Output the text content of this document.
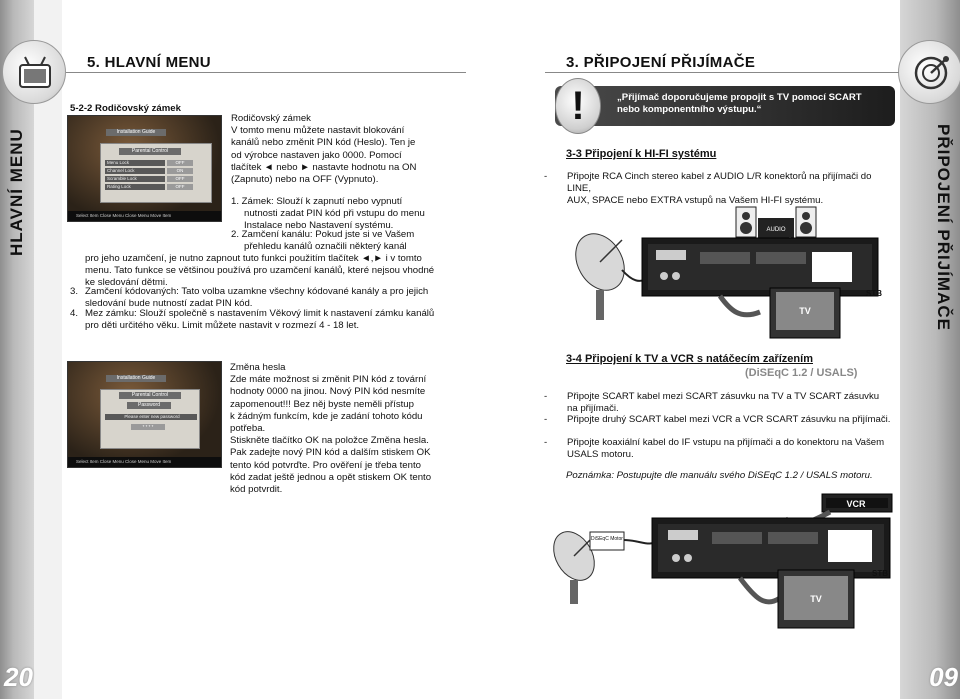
HLAVNÍ MENU
20
5. HLAVNÍ MENU
5-2-2 Rodičovský zámek
Installation Guide
Parental Control
Menu Lock	OFF
Channel Lock	ON
Scramble Lock	OFF
Rating Lock	OFF
Select Item Close Menu Close Menu Move Item
Rodičovský zámek
V tomto menu můžete nastavit blokování
kanálů nebo změnit PIN kód (Heslo). Ten je
od výrobce nastaven jako 0000. Pomocí
tlačítek ◄ nebo ► nastavte hodnotu na ON
(Zapnuto) nebo na OFF (Vypnuto).
1. Zámek: Slouží k zapnutí nebo vypnutí
nutnosti zadat PIN kód při vstupu do menu
Instalace nebo Nastavení systému.
2. Zamčení kanálu: Pokud jste si ve Vašem
přehledu kanálů označili některý kanál
pro jeho uzamčení, je nutno zapnout tuto funkci použitím tlačítek ◄,► i v tomto
menu. Tato funkce se většinou používá pro uzamčení kanálů, které nejsou vhodné
ke sledování dětmi.
3. Zamčení kódovaných: Tato volba uzamkne všechny kódované kanály a pro jejich
sledování bude nutností zadat PIN kód.
4. Mez zámku: Slouží společně s nastavením Věkový limit k nastavení zámku kanálů
pro děti určitého věku. Limit můžete nastavit v rozmezí 4 - 18 let.
Installation Guide
Parental Control
Password
Please enter new password
* * * *
Select Item Close Menu Close Menu Move Item
Změna hesla
Zde máte možnost si změnit PIN kód z tovární
hodnoty 0000 na jinou. Nový PIN kód nesmíte
zapomenout!!! Bez něj byste neměli přístup
k žádným funkcím, kde je zadání tohoto kódu
potřeba.
Stiskněte tlačítko OK na položce Změna hesla.
Pak zadejte nový PIN kód a dalším stiskem OK
tento kód potvrďte. Pro ověření je třeba tento
kód zadat ještě jednou a opět stiskem OK tento
kód potvrdit.
PŘIPOJENÍ PŘIJÍMAČE
09
3. PŘIPOJENÍ PŘIJÍMAČE
!	„Přijímač doporučujeme propojit s TV pomocí SCART
nebo komponentního výstupu.“
3-3 Připojení k HI-FI systému
-	Připojte RCA Cinch stereo kabel z AUDIO L/R konektorů na přijímači do LINE,
AUX, SPACE nebo EXTRA vstupů na Vašem HI-FI systému.
AUDIO
TV
STB
3-4 Připojení k TV a VCR s natáčecím zařízením
(DiSEqC 1.2 / USALS)
-	Připojte SCART kabel mezi SCART zásuvku na TV a TV SCART zásuvku
na přijímači.
-	Připojte druhý SCART kabel mezi VCR a VCR SCART zásuvku na přijímači.
-	Připojte koaxiální kabel do IF vstupu na přijímači a do konektoru na Vašem
USALS motoru.
Poznámka: Postupujte dle manuálu svého DiSEqC 1.2 / USALS motoru.
VCR
DiSEqC Motor
STB
TV
